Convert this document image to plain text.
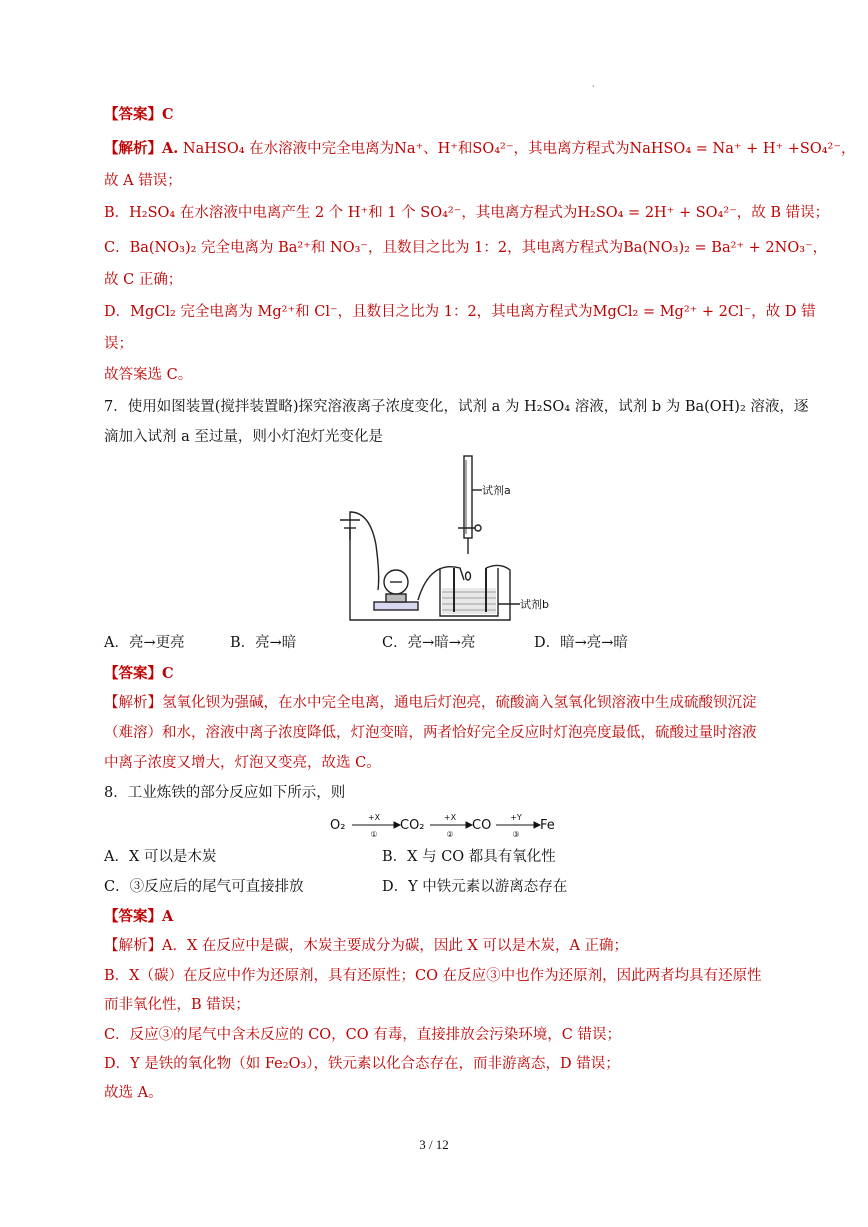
·
【答案】C
【解析】A. NaHSO₄ 在水溶液中完全电离为Na⁺、H⁺和SO₄²⁻，其电离方程式为NaHSO₄ = Na⁺ + H⁺ +SO₄²⁻，
故 A 错误；
B．H₂SO₄ 在水溶液中电离产生 2 个 H⁺和 1 个 SO₄²⁻，其电离方程式为H₂SO₄ = 2H⁺ + SO₄²⁻，故 B 错误；
C．Ba(NO₃)₂ 完全电离为 Ba²⁺和 NO₃⁻，且数目之比为 1：2，其电离方程式为Ba(NO₃)₂ = Ba²⁺ + 2NO₃⁻，
故 C 正确；
D．MgCl₂ 完全电离为 Mg²⁺和 Cl⁻，且数目之比为 1：2，其电离方程式为MgCl₂ = Mg²⁺ + 2Cl⁻，故 D 错
误；
故答案选 C。
7．使用如图装置(搅拌装置略)探究溶液离子浓度变化，试剂 a 为 H₂SO₄ 溶液，试剂 b 为 Ba(OH)₂ 溶液，逐
滴加入试剂 a 至过量，则小灯泡灯光变化是
试剂a
试剂b
A．亮→更亮	B．亮→暗	C．亮→暗→亮	D．暗→亮→暗
【答案】C
【解析】氢氧化钡为强碱，在水中完全电离，通电后灯泡亮，硫酸滴入氢氧化钡溶液中生成硫酸钡沉淀
（难溶）和水，溶液中离子浓度降低，灯泡变暗，两者恰好完全反应时灯泡亮度最低，硫酸过量时溶液
中离子浓度又增大，灯泡又变亮，故选 C。
8．工业炼铁的部分反应如下所示，则
O₂	CO₂	CO	Fe
+X
①
+X
②
+Y
③
A．X 可以是木炭	B．X 与 CO 都具有氧化性
C．③反应后的尾气可直接排放	D．Y 中铁元素以游离态存在
【答案】A
【解析】A．X 在反应中是碳，木炭主要成分为碳，因此 X 可以是木炭，A 正确；
B．X（碳）在反应中作为还原剂，具有还原性；CO 在反应③中也作为还原剂，因此两者均具有还原性
而非氧化性，B 错误；
C．反应③的尾气中含未反应的 CO，CO 有毒，直接排放会污染环境，C 错误；
D．Y 是铁的氧化物（如 Fe₂O₃），铁元素以化合态存在，而非游离态，D 错误；
故选 A。
3 / 12
